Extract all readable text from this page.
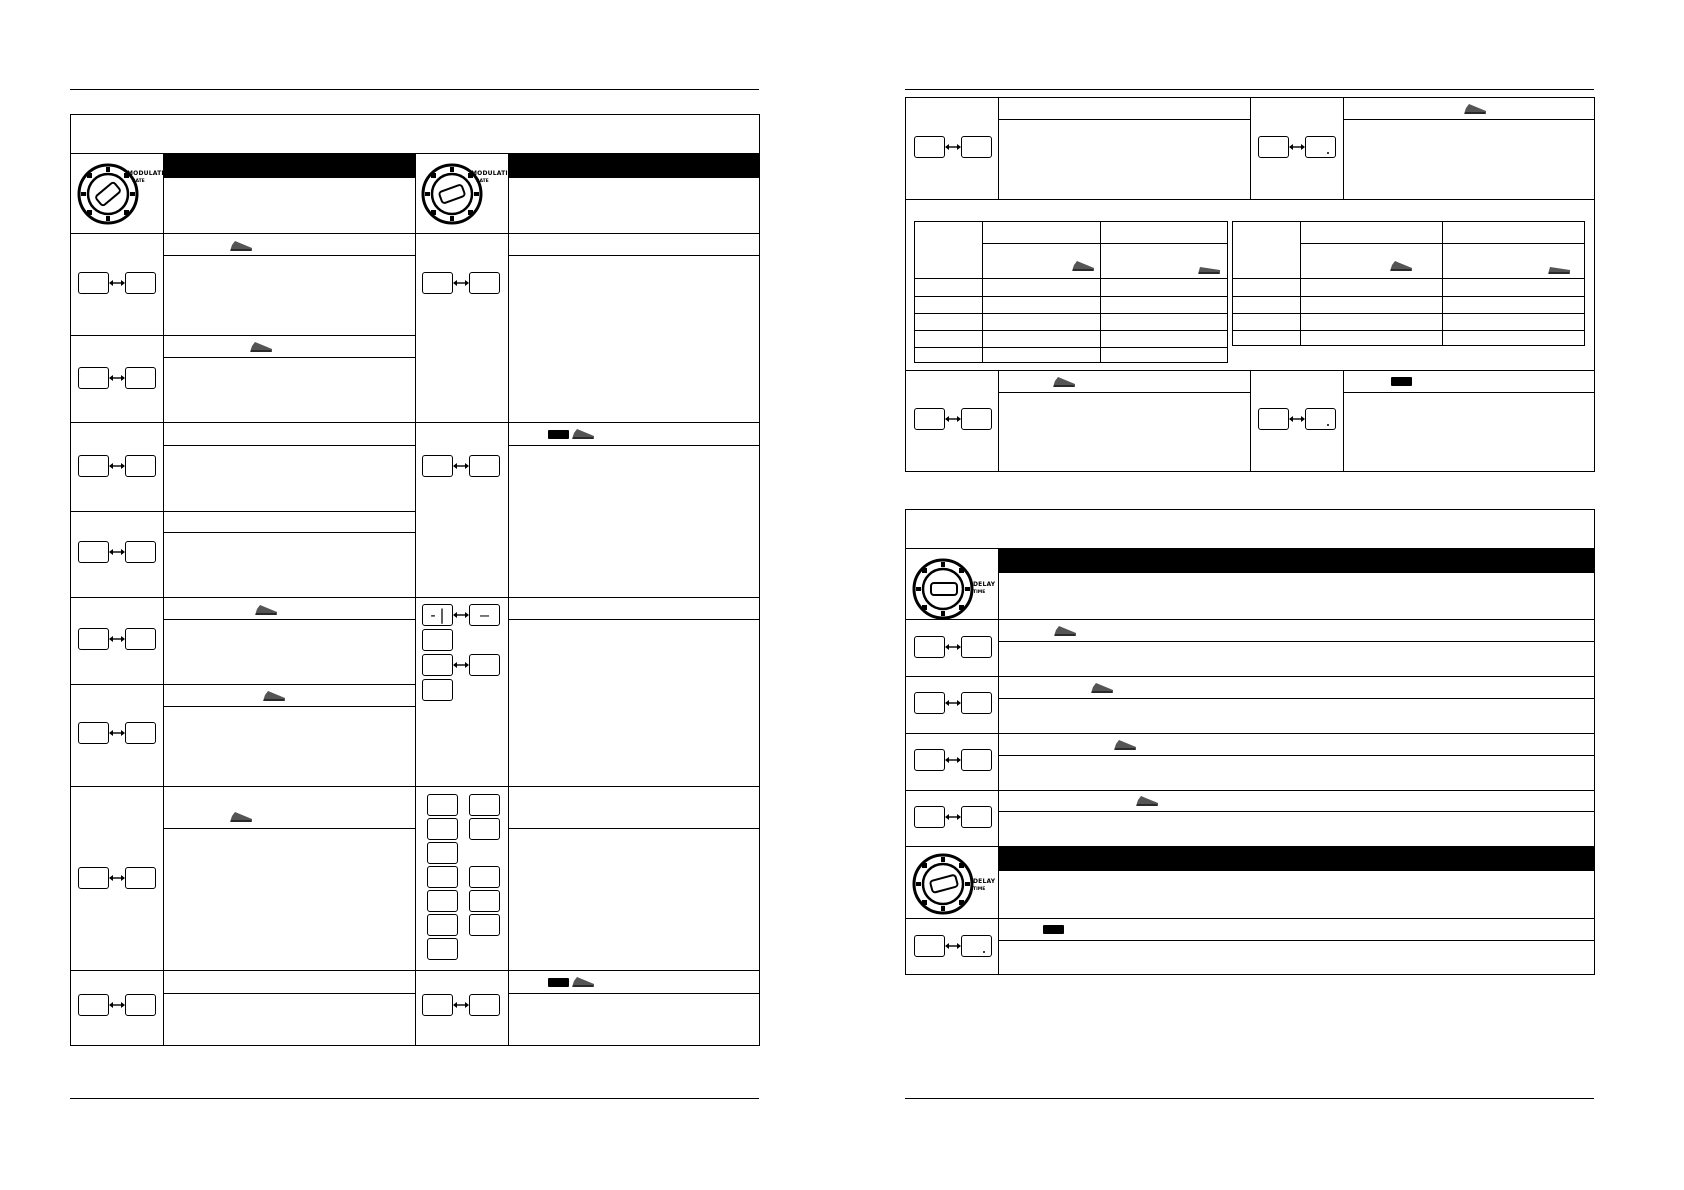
MODULATION
RATE
MODULATION
RATE
-|	–
DELAY
TIME
DELAY
TIME
